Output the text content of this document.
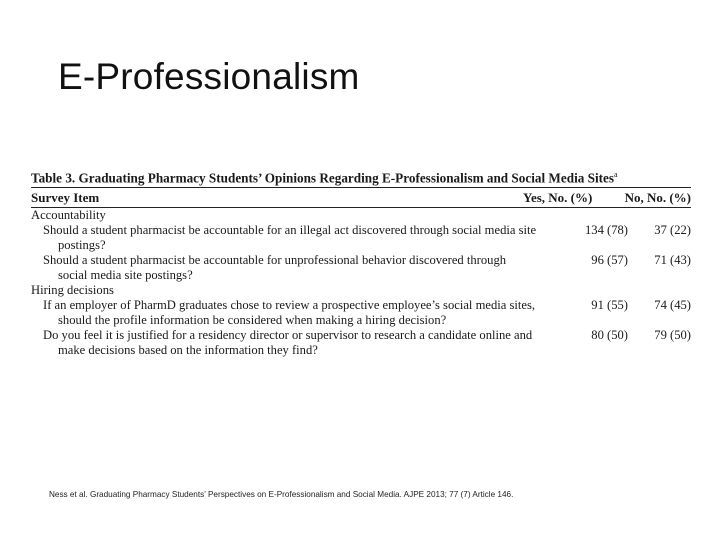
E-Professionalism
Table 3. Graduating Pharmacy Students’ Opinions Regarding E-Professionalism and Social Media Sites$^a$
Survey Item	Yes, No. (%)	No, No. (%)
Accountability
Should a student pharmacist be accountable for an illegal act discovered through social media site postings?
134 (78)	37 (22)
Should a student pharmacist be accountable for unprofessional behavior discovered through social media site postings?
96 (57)	71 (43)
Hiring decisions
If an employer of PharmD graduates chose to review a prospective employee’s social media sites, should the profile information be considered when making a hiring decision?
91 (55)	74 (45)
Do you feel it is justified for a residency director or supervisor to research a candidate online and make decisions based on the information they find?
80 (50)	79 (50)
Ness et al. Graduating Pharmacy Students’ Perspectives on E-Professionalism and Social Media. AJPE 2013; 77 (7) Article 146.
